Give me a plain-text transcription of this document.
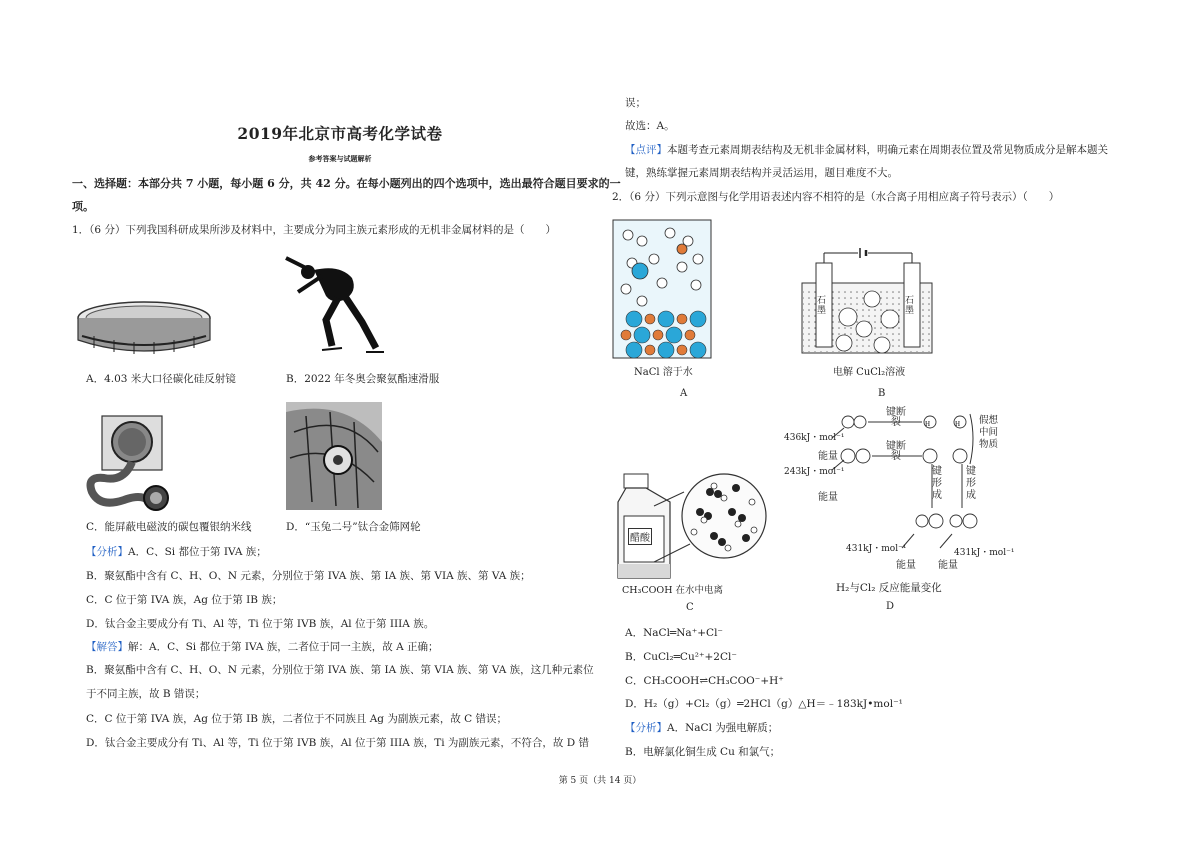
2019年北京市高考化学试卷
参考答案与试题解析
一、选择题：本部分共 7 小题，每小题 6 分，共 42 分。在每小题列出的四个选项中，选出最符合题目要求的一
项。
1．（6 分）下列我国科研成果所涉及材料中，主要成分为同主族元素形成的无机非金属材料的是（　　）
A．4.03 米大口径碳化硅反射镜	B．2022 年冬奥会聚氨酯速滑服
C．能屏蔽电磁波的碳包覆银纳米线	D．“玉兔二号”钛合金筛网轮
【分析】A．C、Si 都位于第 IVA 族；
B．聚氨酯中含有 C、H、O、N 元素，分别位于第 IVA 族、第 IA 族、第 VIA 族、第 VA 族；
C．C 位于第 IVA 族，Ag 位于第 IB 族；
D．钛合金主要成分有 Ti、Al 等，Ti 位于第 IVB 族，Al 位于第 IIIA 族。
【解答】解：A．C、Si 都位于第 IVA 族，二者位于同一主族，故 A 正确；
B．聚氨酯中含有 C、H、O、N 元素，分别位于第 IVA 族、第 IA 族、第 VIA 族、第 VA 族，这几种元素位
于不同主族，故 B 错误；
C．C 位于第 IVA 族，Ag 位于第 IB 族，二者位于不同族且 Ag 为副族元素，故 C 错误；
D．钛合金主要成分有 Ti、Al 等，Ti 位于第 IVB 族，Al 位于第 IIIA 族，Ti 为副族元素，不符合，故 D 错
误；
故选：A。
【点评】本题考查元素周期表结构及无机非金属材料，明确元素在周期表位置及常见物质成分是解本题关
键，熟练掌握元素周期表结构并灵活运用，题目难度不大。
2．（6 分）下列示意图与化学用语表述内容不相符的是（水合离子用相应离子符号表示）（　　）
NaCl 溶于水
A
石墨
石墨
电解 CuCl₂溶液
B
醋酸
CH₃COOH 在水中电离
C
H	H
键断裂
键断裂
键形成
键形成
假想中间物质
436kJ・mol⁻¹
243kJ・mol⁻¹
能量
能量
431kJ・mol⁻¹	431kJ・mol⁻¹
能量 能量
H₂与Cl₂ 反应能量变化
D
A．NaCl═Na⁺+Cl⁻
B．CuCl₂═Cu²⁺+2Cl⁻
C．CH₃COOH⇌CH₃COO⁻+H⁺
D．H₂（g）+Cl₂（g）═2HCl（g）△H＝﹣183kJ•mol⁻¹
【分析】A．NaCl 为强电解质；
B．电解氯化铜生成 Cu 和氯气；
第 5 页（共 14 页）
